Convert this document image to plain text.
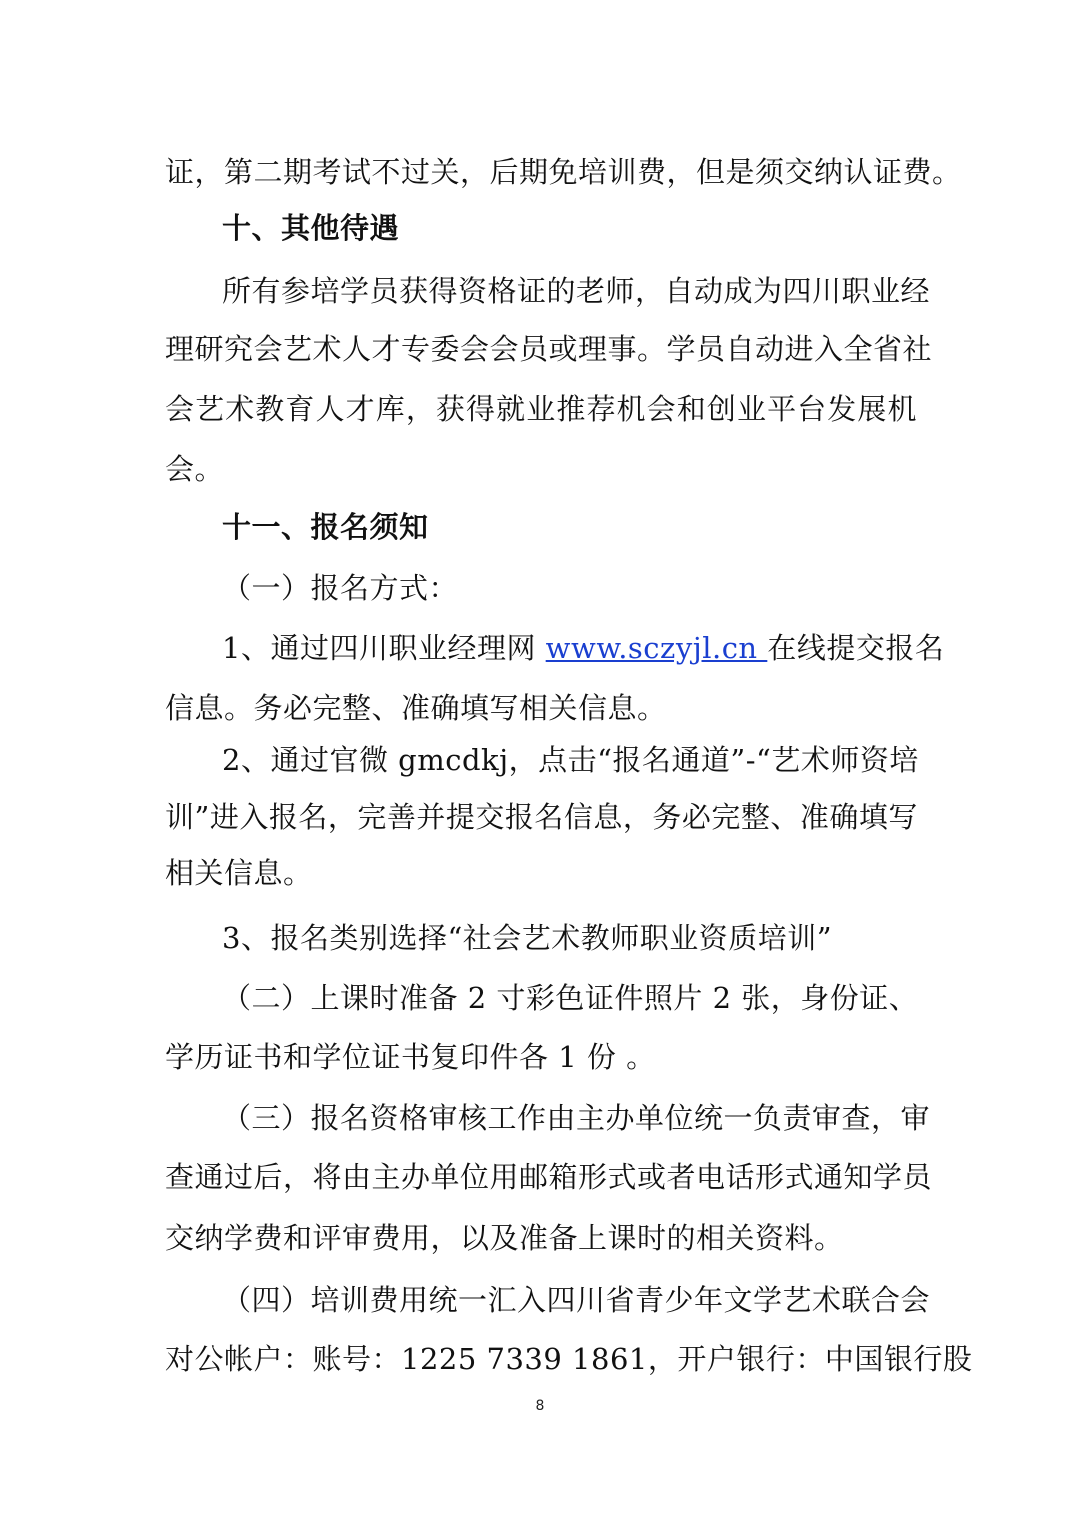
证，第二期考试不过关，后期免培训费，但是须交纳认证费。
十、其他待遇
所有参培学员获得资格证的老师，自动成为四川职业经
理研究会艺术人才专委会会员或理事。学员自动进入全省社
会艺术教育人才库，获得就业推荐机会和创业平台发展机
会。
十一、报名须知
（一）报名方式：
1、通过四川职业经理网 www.sczyjl.cn 在线提交报名
信息。务必完整、准确填写相关信息。
2、通过官微 gmcdkj，点击“报名通道”-“艺术师资培
训”进入报名，完善并提交报名信息，务必完整、准确填写
相关信息。
3、报名类别选择“社会艺术教师职业资质培训”
（二）上课时准备 2 寸彩色证件照片 2 张，身份证、
学历证书和学位证书复印件各 1 份 。
（三）报名资格审核工作由主办单位统一负责审查，审
查通过后，将由主办单位用邮箱形式或者电话形式通知学员
交纳学费和评审费用，以及准备上课时的相关资料。
（四）培训费用统一汇入四川省青少年文学艺术联合会
对公帐户：账号：1225 7339 1861，开户银行：中国银行股
8
